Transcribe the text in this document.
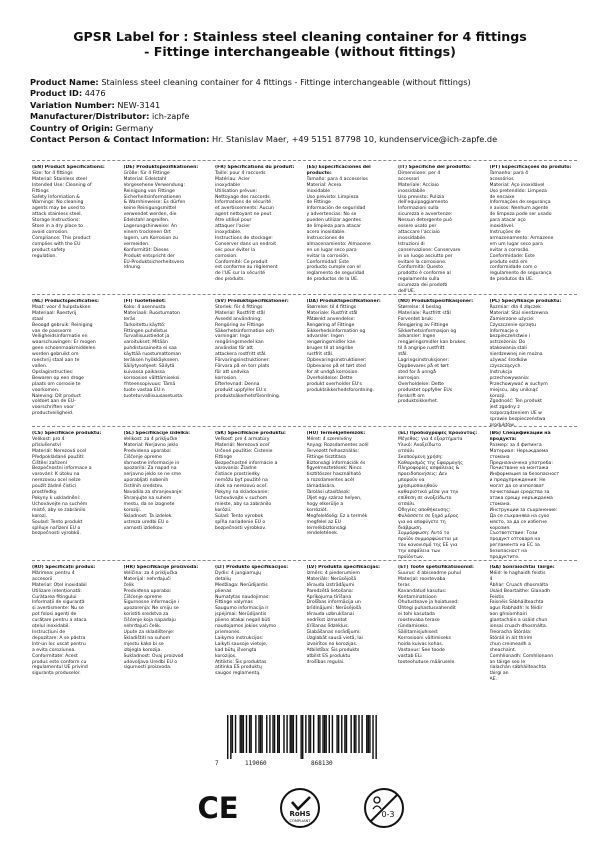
GPSR Label for : Stainless steel cleaning container for 4 fittings
- Fittinge interchangeable (without fittings)
Product Name: Stainless steel cleaning container for 4 fittings - Fittinge interchangeable (without fittings)
Product ID: 4476
Variation Number: NEW-3141
Manufacturer/Distributor: ich-zapfe
Country of Origin: Germany
Contact Person & Contact Information: Hr. Stanislav Maer, +49 5151 87798 10, kundenservice@ich-zapfe.de
(EN) Product Specifications:
Size: for 4 fittings
Material: Stainless steel
Intended Use: Cleaning of
Fittings
Safety Information &
Warnings: No cleaning
agents may be used to
attack stainless steel.
Storage Instructions:
Store in a dry place to
avoid corrosion.
Compliance: This product
complies with the EU
product safety
regulation.
(DE) Produktspezifikationen:
Größe: für 4 Fittinge
Material: Edelstahl
Vorgesehene Verwendung:
Reinigung von Fittinge
Sicherheitsinformationen
& Warnhinweise: Es dürfen
keine Reinigungsmittel
verwendet werden, die
Edelstahl angreifen.
Lagerungshinweise: An
einem trockenen Ort
lagern, um Korrosion zu
vermeiden.
Konformität: Dieses
Produkt entspricht der
EU-Produktsicherheitsvero
rdnung.
(FR) Spécifications du produit:
Taille: pour 4 raccords
Matériau: Acier
inoxydable
Utilisation prévue:
Nettoyage des raccords
Informations de sécurité
et avertissements: Aucun
agent nettoyant ne peut
être utilisé pour
attaquer l'acier
inoxydable.
Instructions de stockage:
Conserver dans un endroit
sec pour éviter la
corrosion.
Conformité: Ce produit
est conforme au règlement
de l'UE sur la sécurité
des produits.
(ES) Especificaciones del producto:
Tamaño: para 4 accesorios
Material: Acero
inoxidable
Uso previsto: Limpieza
de Fittinge
Información de seguridad
y advertencias: No se
pueden utilizar agentes
de limpieza para atacar
acero inoxidable.
Instrucciones de
almacenamiento: Almacene
en un lugar seco para
evitar la corrosión.
Conformidad: Este
producto cumple con el
reglamento de seguridad
de productos de la UE.
(IT) Specifiche del prodotto:
Dimensione: per 4
accessori
Materiale: Acciaio
inossidabile
Uso previsto: Pulizia
dell'equipaggiamento
Informazioni sulla
sicurezza e avvertenze:
Nessun detergente può
essere usato per
attaccare l'acciaio
inossidabile.
Istruzioni di
conservazione: Conservare
in un luogo asciutto per
evitare la corrosione.
Conformità: Questo
prodotto è conforme al
regolamento sulla
sicurezza dei prodotti
dell'UE.
(PT) Especificações do produto:
Tamanho: para 4
acessórios
Material: Aço inoxidável
Uso pretendido: Limpeza
de encaixe
Informações de segurança
e avisos: Nenhum agente
de limpeza pode ser usado
para atacar aço
inoxidável.
Instruções de
armazenamento: Armazene
em um lugar seco para
evitar a corrosão.
Conformidade: Este
produto está em
conformidade com o
regulamento de segurança
de produtos da UE.
(NL) Productspecificaties:
Maat: voor 4 hulpstukken
Materiaal: Roestvrij
staal
Beoogd gebruik: Reiniging
van de passvorm
Veiligheidsinformatie en
waarschuwingen: Er mogen
geen schoonmaakmiddelen
worden gebruikt om
roestvrij staal aan te
vallen.
Opslaginstructies:
Bewaren op een droge
plaats om corrosie te
voorkomen.
Naleving: Dit product
voldoet aan de EU-
voorschriften voor
productveiligheid.
(FI) Tuotetiedot:
Koko: 4 asennusta
Materiaali: Ruostumaton
teräs
Tarkoitettu käyttö:
Fittingen puhdistus
Turvallisuustiedot ja
varoitukset: Mitään
puhdistusaineita ei saa
käyttää ruostumattoman
teräksen hyökkäykseen.
Säilytysohjeet: Säilytä
kuivassa paikassa
korroosion välttämiseksi.
Yhteensopivuus: Tämä
tuote vastaa EU:n tuoteturvallisuusasetusta.
(SV) Produktspecifikationer:
Storlek: för 4 fittings
Material: Rostfritt stål
Avsedd användning:
Rengöring av Fittinge
Säkerhetsinformation och
varningar: Inga
rengöringsmedel kan
användas för att
attackera rostfritt stål.
Förvaringsinstruktioner:
Förvara på en torr plats
för att undvika
korrosion.
Efterlevnad: Denna
produkt uppfyller EU:s
produktsäkerhetsförordning.
(DA) Produktspecifikationer:
Størrelse: til 4 fittings
Materiale: Rustfrit stål
Påtænkt anvendelse:
Rengøring af Fittinge
Sikkerhedsinformation og
advarsler: Ingen
rengøringsmidler kan
bruges til at angribe
rustfrit stål.
Opbevaringsinstruktioner:
Opbevares på et tørt sted
for at undgå korrosion.
Overholdelse: Dette
produkt overholder EU's
produktsikkerhedsforordning.
(NO) Produktspesifikasjoner:
Størrelse: 4 beslag
Materiale: Rustfritt stål
Forventet bruk:
Rengjøring av Fittinge
Sikkerhetsinformasjon og
advarsler: Ingen
rengjøringsmidler kan brukes
til å angripe rustfritt
stål.
Lagringsinstruksjoner:
Oppbevares på et tørt
sted for å unngå
korrosjon.
Overholdelse: Dette
produktet oppfyller EUs
forskrift om
produktsikkerhet.
(PL) Specyfikacje produktu:
Rozmiar: dla 4 złączek
Materiał: Stal nierdzewna
Zamierzone użycie:
Czyszczenie sprzętu
Informacje o
bezpieczeństwie i
ostrzeżenia: Do
atakowania stali
nierdzewnej nie można
używać środków
czyszczących.
Instrukcja
przechowywania:
Przechowywać w suchym
miejscu, aby uniknąć
korozji.
Zgodność: Ten produkt
jest zgodny z
rozporządzeniem UE w
sprawie bezpieczeństwa
produktów.
(CS) Specifikace produktu:
Velikost: pro 4
příslušenství
Materiál: Nerezová ocel
Předpokládané použití:
Čištění zařízení
Bezpečnostní informace a
varování: K útoku na
nerezovou ocel nelze
použít žádné čisticí
prostředky.
Pokyny k uskladnění:
Uchovávejte na suchém
místě, aby se zabránilo
korozi.
Soulad: Tento produkt
splňuje nařízení EU o
bezpečnosti výrobků.
(SL) Specifikacije izdelka:
Velikost: za 4 priključke
Material: Nerjavno jeklo
Predvidena uporaba:
Čiščenje opreme
Varnostne informacije in
opozorila: Za napad na
nerjavno jeklo se ne sme
uporabljati nobenih
čistilnih sredstev.
Navodila za shranjevanje:
Shranjujte na suhem
mestu, da se izognete
koroziji.
Skladnost: Ta izdelek
ustreza uredbi EU o
varnosti izdelkov.
(SK) Špecifikácie produktu:
Veľkosť: pre 4 armatúry
Materiál: Nerezová oceľ
Určené použitie: Čistenie
Fittinge
Bezpečnostné informácie a
varovania: Žiadne
čistiace prostriedky
nemôžu byť použité na
útok na nerezovú oceľ.
Pokyny na skladovanie:
Uchovávajte v suchom
mieste, aby sa zabránilo
korózii.
Súlad: Tento výrobok
spĺňa nariadenie EÚ o
bezpečnosti výrobkov.
(HU) Termékjellemzők:
Méret: 4 szerelvény
Anyag: Rozsdamentes acél
Tervezett felhasználás:
Fittinge tisztítása
Biztonsági információk és
figyelmeztetések: Nincs
tisztítószer használható
a rozsdamentes acél
támadására.
Tárolási utasítások:
Üljet egy száraz helyen,
hogy elkerülje a
korróziót.
Megfelelőség: Ez a termék
megfelel az EU
termékbiztonsági
rendeletének.
(EL) Προδιαγραφές προϊόντος:
Μέγεθος: για 4 εξαρτήματα
Υλικό: Ανοξείδωτο
ατσάλι
Σκοπούμενη χρήση:
Καθαρισμός της Εφαρμογής
Πληροφορίες ασφάλειας &
προειδοποιήσεις: Δεν
μπορούν να
χρησιμοποιηθούν
καθαριστικά μέσα για την
επίθεση σε ανοξείδωτο
ατσάλι.
Οδηγίες αποθήκευσης:
Φυλάσσετε σε ξηρό μέρος
για να αποφύγετε τη
διάβρωση.
Συμμόρφωση: Αυτό το
προϊόν συμμορφώνεται με
τον κανονισμό της ΕΕ για
την ασφάλεια των
προϊόντων.
(BG) Спецификации на продукта:
Размер: за 4 фитинга
Материал: Неръждаема
стомана
Предназначена употреба:
Почистване на монтажа
Информация за безопасност
и предупреждения: Не
могат да се използват
почистващи средства за
атака срещу неръждаема
стомана.
Инструкции за съхранение:
Да се съхранява на сухо
място, за да се избегне
корозия.
Съответствие: Този
продукт отговаря на
регламента на ЕС за
безопасност на
продуктите.
(RO) Specificații produs:
Mărimea: pentru 4
accesorii
Material: Oțel inoxidabil
Utilizare intenționată:
Curățarea fitingului
Informații de siguranță
și avertismente: Nu se
pot folosi agenți de
curățare pentru a ataca
oțelul inoxidabil.
Instrucțiuni de
depozitare: A se păstra
într-un loc uscat pentru
a evita coroziunea.
Conformitate: Acest
produs este conform cu
regulamentul UE privind
siguranța produselor.
(HR) Specifikacije proizvoda:
Veličina: za 4 priključka
Materijal: nehrđajući
čelik
Predviđena uporaba:
Čišćenje opreme
Sigurnosne informacije i
upozorenja: Ne smiju se
koristiti sredstva za
čišćenje koja napadaju
nehrđajući čelik.
Upute za skladištenje:
Skladištiti na suhom
mjestu kako bi se
izbjegla korozija.
Sukladnost: Ovaj proizvod
udovoljava Uredbi EU o
sigurnosti proizvoda.
(LT) Produkto specifikacijos:
Dydis: 4 jungiamųjų
detalių
Medžiaga: Nerūdijantis
plienas
Numatytas naudojimas:
Fittinge valymas
Saugumo informacija ir
įspėjimai: Nerūdijantis
plieno atakai negali būti
naudojamos jokios valymo
priemonės.
Laikymo instrukcijos:
Laikyti sausoje vietoje,
kad būtų išvengta
korozijos.
Atitiktis: Šis produktas
atitinka ES produktų
saugos reglamentą.
(LV) Produkta specifikācijas:
Izmērs: 4 piederumiem
Materiāls: Nerūsējošā
tērauda izstrādājumi
Paredzētā lietošana:
Aprīkojuma tīrīšana
Drošības informācija un
brīdinājumi: Nerūsējošā
tērauda uzbrukšanai
nedrīkst izmantot
tīrīšanas līdzekļus.
Glabāšanas norādījumi:
Uzglabāt sausā vietā, lai
izvairītos no korozijas.
Atbilstība: Šis produkts
atbilst ES produktu
drošības regulai.
(ET) Toote spetsifikatsioonid:
Suurus: 4 abiseadme puhul
Materjal: roostevaba
teras
Kavandatud kasutus:
Kontaminatsioon
Ohutusteave ja hoiatused:
Ühtegi puhastusvahendit
ei tohi kasutada
roostevaba terase
ründamiseks.
Säilitamisjuhised:
Korrosiooni vältimiseks
hoida kuivas kohas.
Vastavus: See toode
vastab ELi
tooteohutuse määrusele.
(GA) Sonraíochtaí Táirge:
Méid: le haghaidh feistis
4
Ábhar: Cruach dhosmálta
Úsáid Beartaithe: Glanadh
Feistis
Faisnéis Sábháilteachta
agus Rabhadh: Is féidir
aon ghníomhairí
glantacháin a úsáid chun
ionsaí cruach dhosmálta.
Treoracha Stórála:
Stóráil in áit thirim
chun creimeadh a
sheachaint.
Comhlíonadh: Comhlíonann
an táirge seo le
rialachán sábháilteachta
táirgí an
AE.
7	119060	868130
CE	RoHS
COMPLIANT
0-3
